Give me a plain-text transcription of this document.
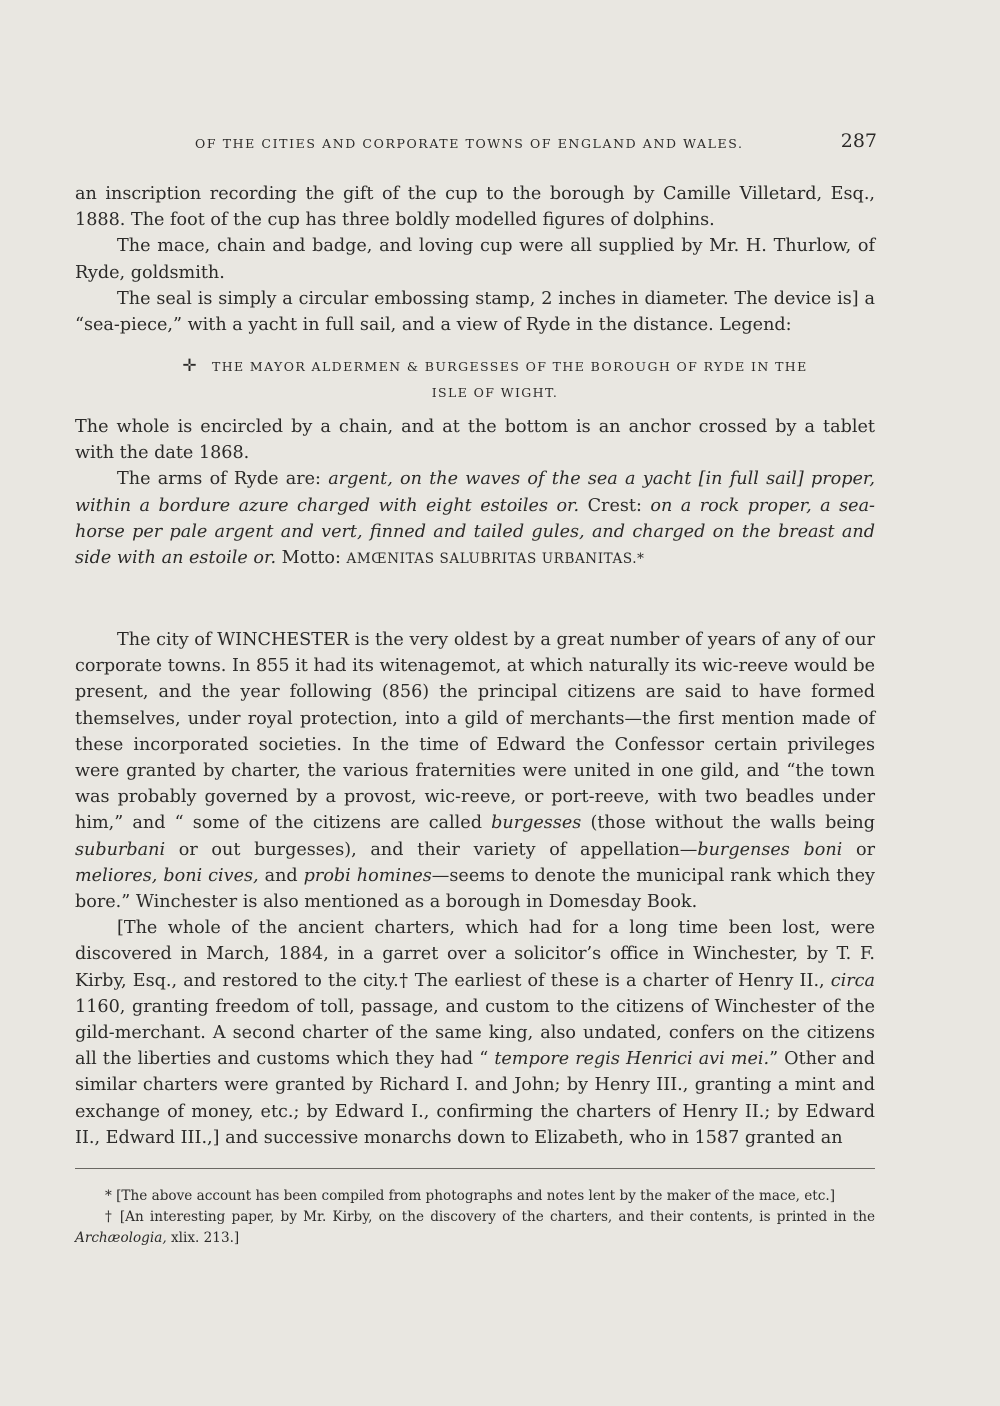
OF THE CITIES AND CORPORATE TOWNS OF ENGLAND AND WALES.	287

an inscription recording the gift of the cup to the borough by Camille Villetard, Esq., 1888. The foot of the cup has three boldly modelled figures of dolphins.

The mace, chain and badge, and loving cup were all supplied by Mr. H. Thurlow, of Ryde, goldsmith.

The seal is simply a circular embossing stamp, 2 inches in diameter. The device is] a “sea-piece,” with a yacht in full sail, and a view of Ryde in the distance. Legend:

✛ THE MAYOR ALDERMEN & BURGESSES OF THE BOROUGH OF RYDE IN THE
ISLE OF WIGHT.

The whole is encircled by a chain, and at the bottom is an anchor crossed by a tablet with the date 1868.

The arms of Ryde are: argent, on the waves of the sea a yacht [in full sail] proper, within a bordure azure charged with eight estoiles or. Crest: on a rock proper, a sea-horse per pale argent and vert, finned and tailed gules, and charged on the breast and side with an estoile or. Motto: AMŒNITAS SALUBRITAS URBANITAS.*

The city of WINCHESTER is the very oldest by a great number of years of any of our corporate towns. In 855 it had its witenagemot, at which naturally its wic-reeve would be present, and the year following (856) the principal citizens are said to have formed themselves, under royal protection, into a gild of merchants—the first mention made of these incorporated societies. In the time of Edward the Confessor certain privileges were granted by charter, the various fraternities were united in one gild, and “the town was probably governed by a provost, wic-reeve, or port-reeve, with two beadles under him,” and “ some of the citizens are called burgesses (those without the walls being suburbani or out burgesses), and their variety of appellation—burgenses boni or meliores, boni cives, and probi homines—seems to denote the municipal rank which they bore.” Winchester is also mentioned as a borough in Domesday Book.

[The whole of the ancient charters, which had for a long time been lost, were discovered in March, 1884, in a garret over a solicitor’s office in Winchester, by T. F. Kirby, Esq., and restored to the city.† The earliest of these is a charter of Henry II., circa 1160, granting freedom of toll, passage, and custom to the citizens of Winchester of the gild-merchant. A second charter of the same king, also undated, confers on the citizens all the liberties and customs which they had “ tempore regis Henrici avi mei.” Other and similar charters were granted by Richard I. and John; by Henry III., granting a mint and exchange of money, etc.; by Edward I., confirming the charters of Henry II.; by Edward II., Edward III.,] and successive monarchs down to Elizabeth, who in 1587 granted an

* [The above account has been compiled from photographs and notes lent by the maker of the mace, etc.]

† [An interesting paper, by Mr. Kirby, on the discovery of the charters, and their contents, is printed in the Archæologia, xlix. 213.]
